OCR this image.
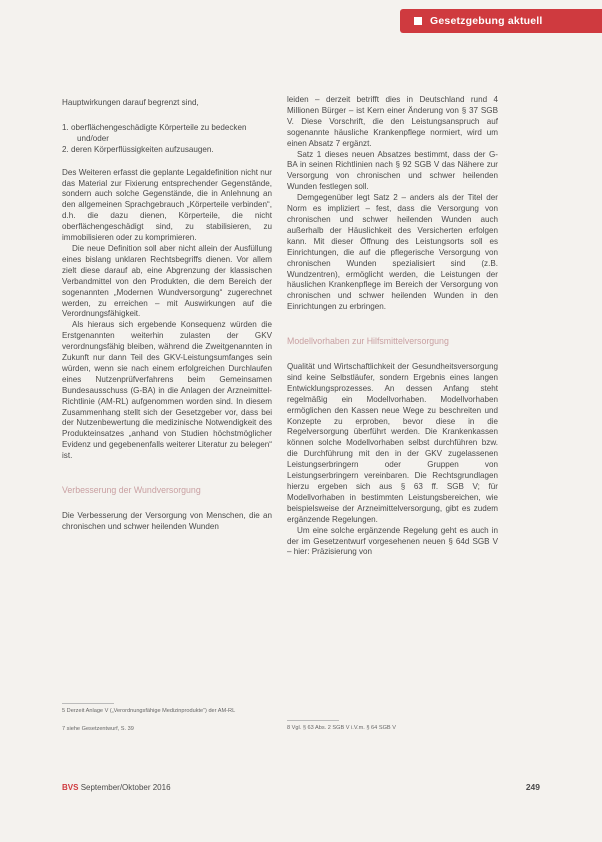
Gesetzgebung aktuell

Hauptwirkungen darauf begrenzt sind,

1. oberflächengeschädigte Körperteile zu bedecken und/oder
2. deren Körperflüssigkeiten aufzusaugen.

Des Weiteren erfasst die geplante Legaldefinition nicht nur das Material zur Fixierung entsprechender Gegenstände, sondern auch solche Gegenstände, die in Anlehnung an den allgemeinen Sprachgebrauch „Körperteile verbinden“, d.h. die dazu dienen, Körperteile, die nicht oberflächengeschädigt sind, zu stabilisieren, zu immobilisieren oder zu komprimieren.

Die neue Definition soll aber nicht allein der Ausfüllung eines bislang unklaren Rechtsbegriffs dienen. Vor allem zielt diese darauf ab, eine Abgrenzung der klassischen Verbandmittel von den Produkten, die dem Bereich der sogenannten „Modernen Wundversorgung“ zugerechnet werden, zu erreichen – mit Auswirkungen auf die Verordnungsfähigkeit.

Als hieraus sich ergebende Konsequenz würden die Erstgenannten weiterhin zulasten der GKV verordnungsfähig bleiben, während die Zweitgenannten in Zukunft nur dann Teil des GKV-Leistungsumfanges sein würden, wenn sie nach einem erfolgreichen Durchlaufen eines Nutzenprüfverfahrens beim Gemeinsamen Bundesausschuss (G-BA) in die Anlagen der Arzneimittel-Richtlinie (AM-RL) aufgenommen worden sind. In diesem Zusammenhang stellt sich der Gesetzgeber vor, dass bei der Nutzenbewertung die medizinische Notwendigkeit des Produkteinsatzes „anhand von Studien höchstmöglicher Evidenz und gegebenenfalls weiterer Literatur zu belegen“ ist.

Verbesserung der Wundversorgung

Die Verbesserung der Versorgung von Menschen, die an chronischen und schwer heilenden Wunden

5 Derzeit Anlage V („Verordnungsfähige Medizinprodukte“) der AM-RL
7 siehe Gesetzentwurf, S. 39

leiden – derzeit betrifft dies in Deutschland rund 4 Millionen Bürger – ist Kern einer Änderung von § 37 SGB V. Diese Vorschrift, die den Leistungsanspruch auf sogenannte häusliche Krankenpflege normiert, wird um einen Absatz 7 ergänzt.

Satz 1 dieses neuen Absatzes bestimmt, dass der G-BA in seinen Richtlinien nach § 92 SGB V das Nähere zur Versorgung von chronischen und schwer heilenden Wunden festlegen soll.

Demgegenüber legt Satz 2 – anders als der Titel der Norm es impliziert – fest, dass die Versorgung von chronischen und schwer heilenden Wunden auch außerhalb der Häuslichkeit des Versicherten erfolgen kann. Mit dieser Öffnung des Leistungsorts soll es Einrichtungen, die auf die pflegerische Versorgung von chronischen Wunden spezialisiert sind (z.B. Wundzentren), ermöglicht werden, die Leistungen der häuslichen Krankenpflege im Bereich der Versorgung von chronischen und schwer heilenden Wunden in den Einrichtungen zu erbringen.

Modellvorhaben zur Hilfsmittelversorgung

Qualität und Wirtschaftlichkeit der Gesundheitsversorgung sind keine Selbstläufer, sondern Ergebnis eines langen Entwicklungsprozesses. An dessen Anfang steht regelmäßig ein Modellvorhaben. Modellvorhaben ermöglichen den Kassen neue Wege zu beschreiten und Konzepte zu erproben, bevor diese in die Regelversorgung überführt werden. Die Krankenkassen können solche Modellvorhaben selbst durchführen bzw. die Durchführung mit den in der GKV zugelassenen Leistungserbringern oder Gruppen von Leistungserbringern vereinbaren. Die Rechtsgrundlagen hierzu ergeben sich aus § 63 ff. SGB V; für Modellvorhaben in bestimmten Leistungsbereichen, wie beispielsweise der Arzneimittelversorgung, gibt es zudem ergänzende Regelungen.

Um eine solche ergänzende Regelung geht es auch in der im Gesetzentwurf vorgesehenen neuen § 64d SGB V – hier: Präzisierung von

8 Vgl. § 63 Abs. 2 SGB V i.V.m. § 64 SGB V
BVS September/Oktober 2016	249
